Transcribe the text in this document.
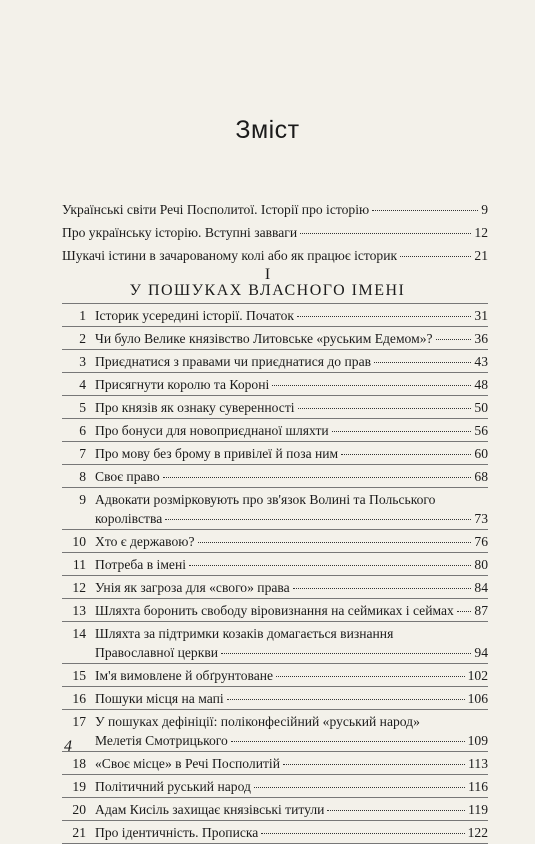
Зміст
Українські світи Речі Посполитої. Історії про історію	9
Про українську історію. Вступні завваги	12
Шукачі істини в зачарованому колі або як працює історик	21
I
У ПОШУКАХ ВЛАСНОГО ІМЕНІ
1 Історик усередині історії. Початок	31
2 Чи було Велике князівство Литовське «руським Едемом»?	36
3 Приєднатися з правами чи приєднатися до прав	43
4 Присягнути королю та Короні	48
5 Про князів як ознаку суверенності	50
6 Про бонуси для новоприєднаної шляхти	56
7 Про мову без брому в привілеї й поза ним	60
8 Своє право	68
9 Адвокати розмірковують про зв'язок Волині та Польського
королівства	73
10 Хто є державою?	76
11 Потреба в імені	80
12 Унія як загроза для «свого» права	84
13 Шляхта боронить свободу віровизнання на сеймиках і сеймах 87
14 Шляхта за підтримки козаків домагається визнання
Православної церкви	94
15 Ім'я вимовлене й обґрунтоване	102
16 Пошуки місця на мапі	106
17 У пошуках дефініції: поліконфесійний «руський народ»
Мелетія Смотрицького	109
18 «Своє місце» в Речі Посполитій	113
19 Політичний руський народ	116
20 Адам Кисіль захищає князівські титули	119
21 Про ідентичність. Прописка	122
4
